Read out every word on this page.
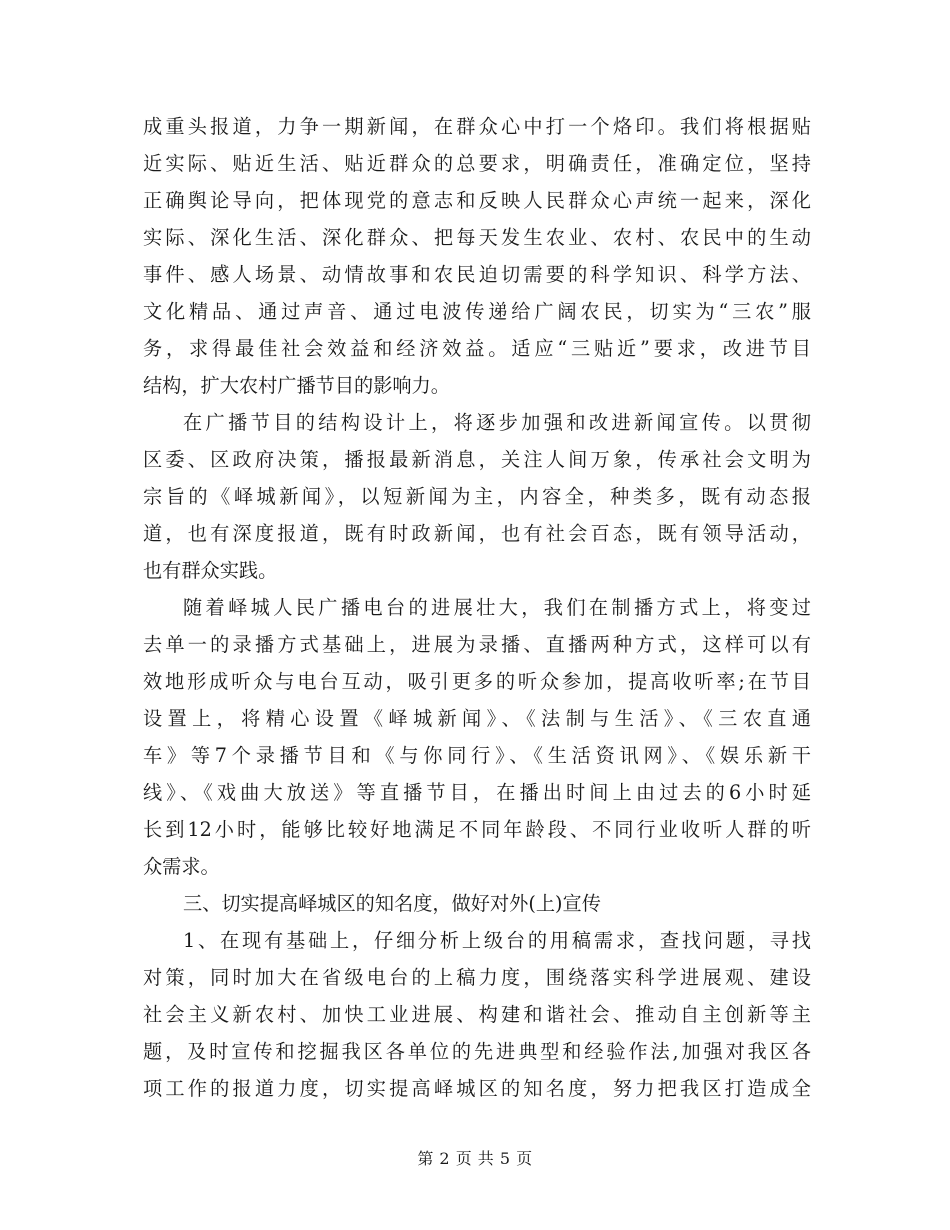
成重头报道，力争一期新闻，在群众心中打一个烙印。我们将根据贴
近实际、贴近生活、贴近群众的总要求，明确责任，准确定位，坚持
正确舆论导向，把体现党的意志和反映人民群众心声统一起来，深化
实际、深化生活、深化群众、把每天发生农业、农村、农民中的生动
事件、感人场景、动情故事和农民迫切需要的科学知识、科学方法、
文化精品、通过声音、通过电波传递给广阔农民，切实为“三农”服
务，求得最佳社会效益和经济效益。适应“三贴近”要求，改进节目
结构，扩大农村广播节目的影响力。
在广播节目的结构设计上，将逐步加强和改进新闻宣传。以贯彻
区委、区政府决策，播报最新消息，关注人间万象，传承社会文明为
宗旨的《峄城新闻》，以短新闻为主，内容全，种类多，既有动态报
道，也有深度报道，既有时政新闻，也有社会百态，既有领导活动，
也有群众实践。
随着峄城人民广播电台的进展壮大，我们在制播方式上，将变过
去单一的录播方式基础上，进展为录播、直播两种方式，这样可以有
效地形成听众与电台互动，吸引更多的听众参加，提高收听率;在节目
设置上，将精心设置《峄城新闻》、《法制与生活》、《三农直通
车》等7个录播节目和《与你同行》、《生活资讯网》、《娱乐新干
线》、《戏曲大放送》等直播节目，在播出时间上由过去的6小时延
长到12小时，能够比较好地满足不同年龄段、不同行业收听人群的听
众需求。
三、切实提高峄城区的知名度，做好对外(上)宣传
1、在现有基础上，仔细分析上级台的用稿需求，查找问题，寻找
对策，同时加大在省级电台的上稿力度，围绕落实科学进展观、建设
社会主义新农村、加快工业进展、构建和谐社会、推动自主创新等主
题，及时宣传和挖掘我区各单位的先进典型和经验作法,加强对我区各
项工作的报道力度，切实提高峄城区的知名度，努力把我区打造成全
第 2 页 共 5 页
